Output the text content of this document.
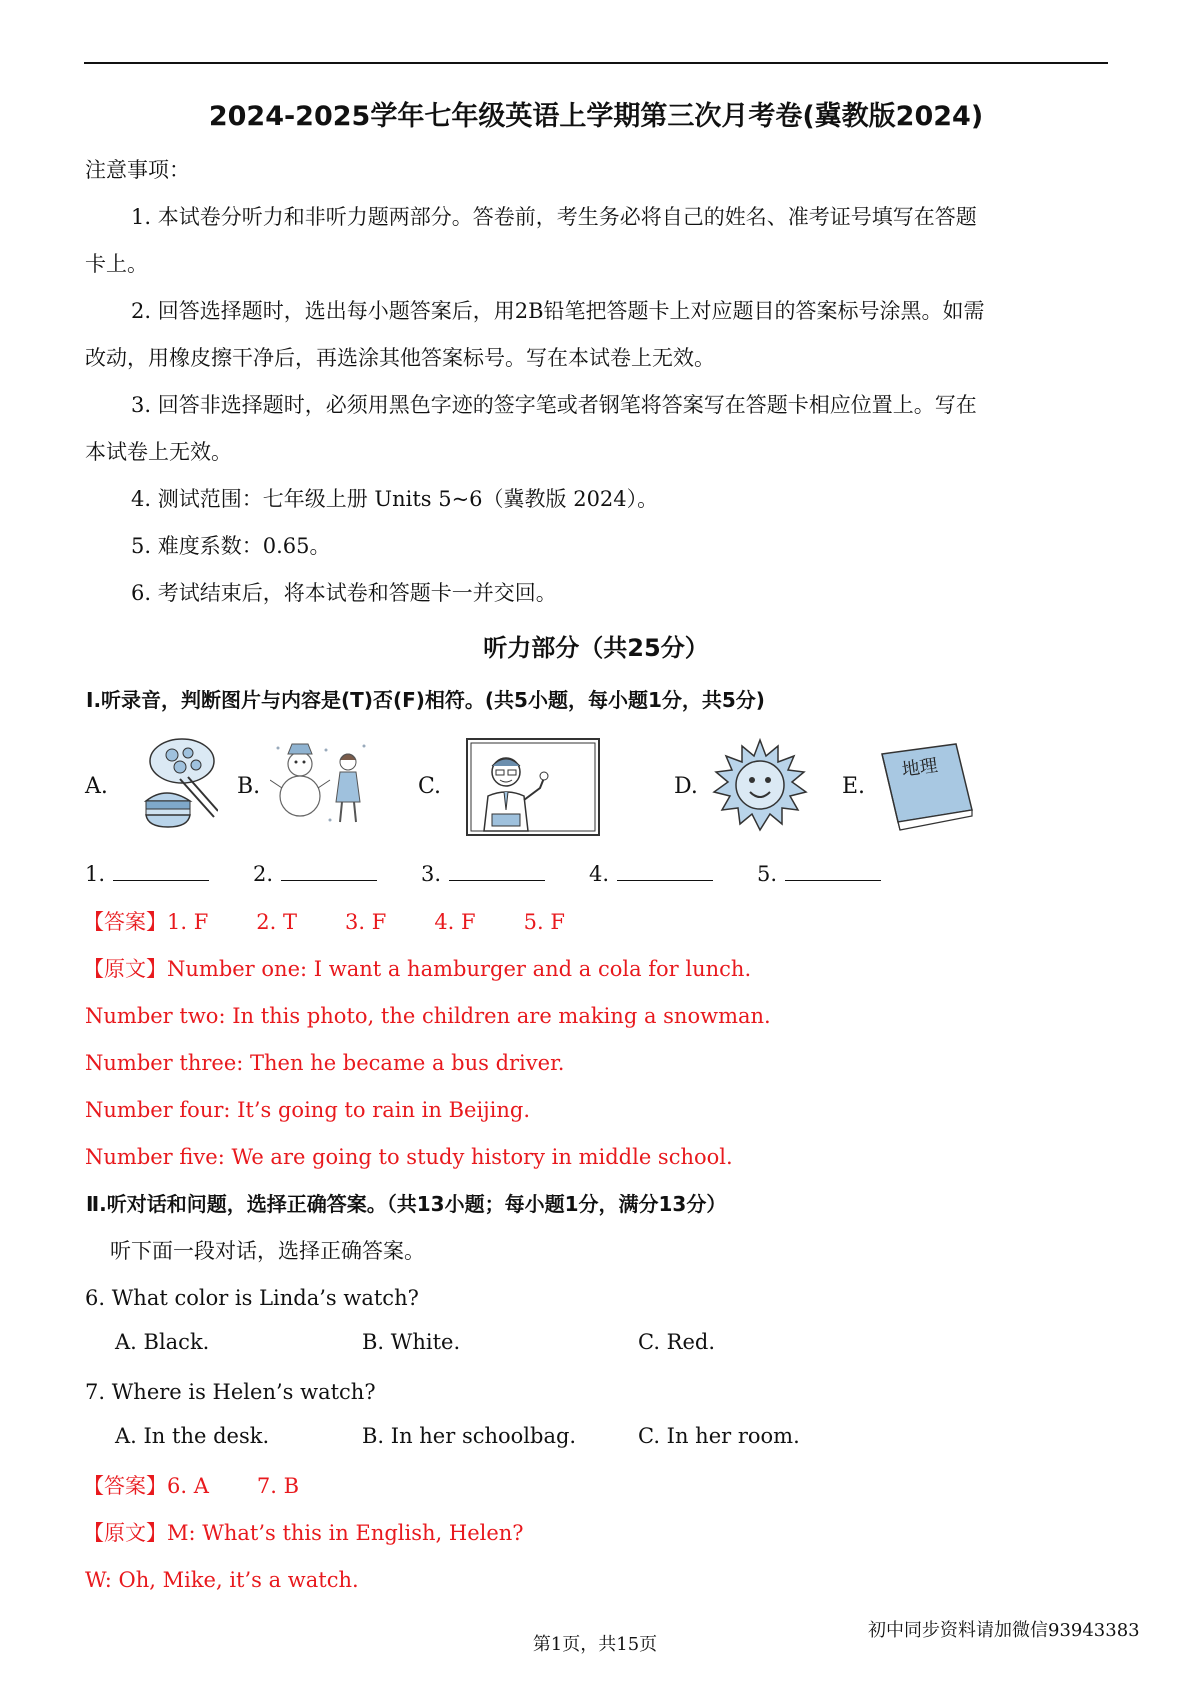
2024-2025学年七年级英语上学期第三次月考卷(冀教版2024)
注意事项：
1. 本试卷分听力和非听力题两部分。答卷前，考生务必将自己的姓名、准考证号填写在答题
卡上。
2. 回答选择题时，选出每小题答案后，用2B铅笔把答题卡上对应题目的答案标号涂黑。如需
改动，用橡皮擦干净后，再选涂其他答案标号。写在本试卷上无效。
3. 回答非选择题时，必须用黑色字迹的签字笔或者钢笔将答案写在答题卡相应位置上。写在
本试卷上无效。
4. 测试范围：七年级上册 Units 5~6（冀教版 2024）。
5. 难度系数：0.65。
6. 考试结束后，将本试卷和答题卡一并交回。
听力部分（共25分）
Ⅰ.听录音，判断图片与内容是(T)否(F)相符。(共5小题，每小题1分，共5分)
A.	B.	C.	D.	E.
地理
1.	2.	3.	4.	5.
【答案】1. F 2. T 3. F 4. F 5. F
【原文】Number one: I want a hamburger and a cola for lunch.
Number two: In this photo, the children are making a snowman.
Number three: Then he became a bus driver.
Number four: It’s going to rain in Beijing.
Number five: We are going to study history in middle school.
Ⅱ.听对话和问题，选择正确答案。（共13小题；每小题1分，满分13分）
听下面一段对话，选择正确答案。
6. What color is Linda’s watch?
A. Black.	B. White.	C. Red.
7. Where is Helen’s watch?
A. In the desk.	B. In her schoolbag.	C. In her room.
【答案】6. A 7. B
【原文】M: What’s this in English, Helen?
W: Oh, Mike, it’s a watch.
第1页，共15页
初中同步资料请加微信93943383
